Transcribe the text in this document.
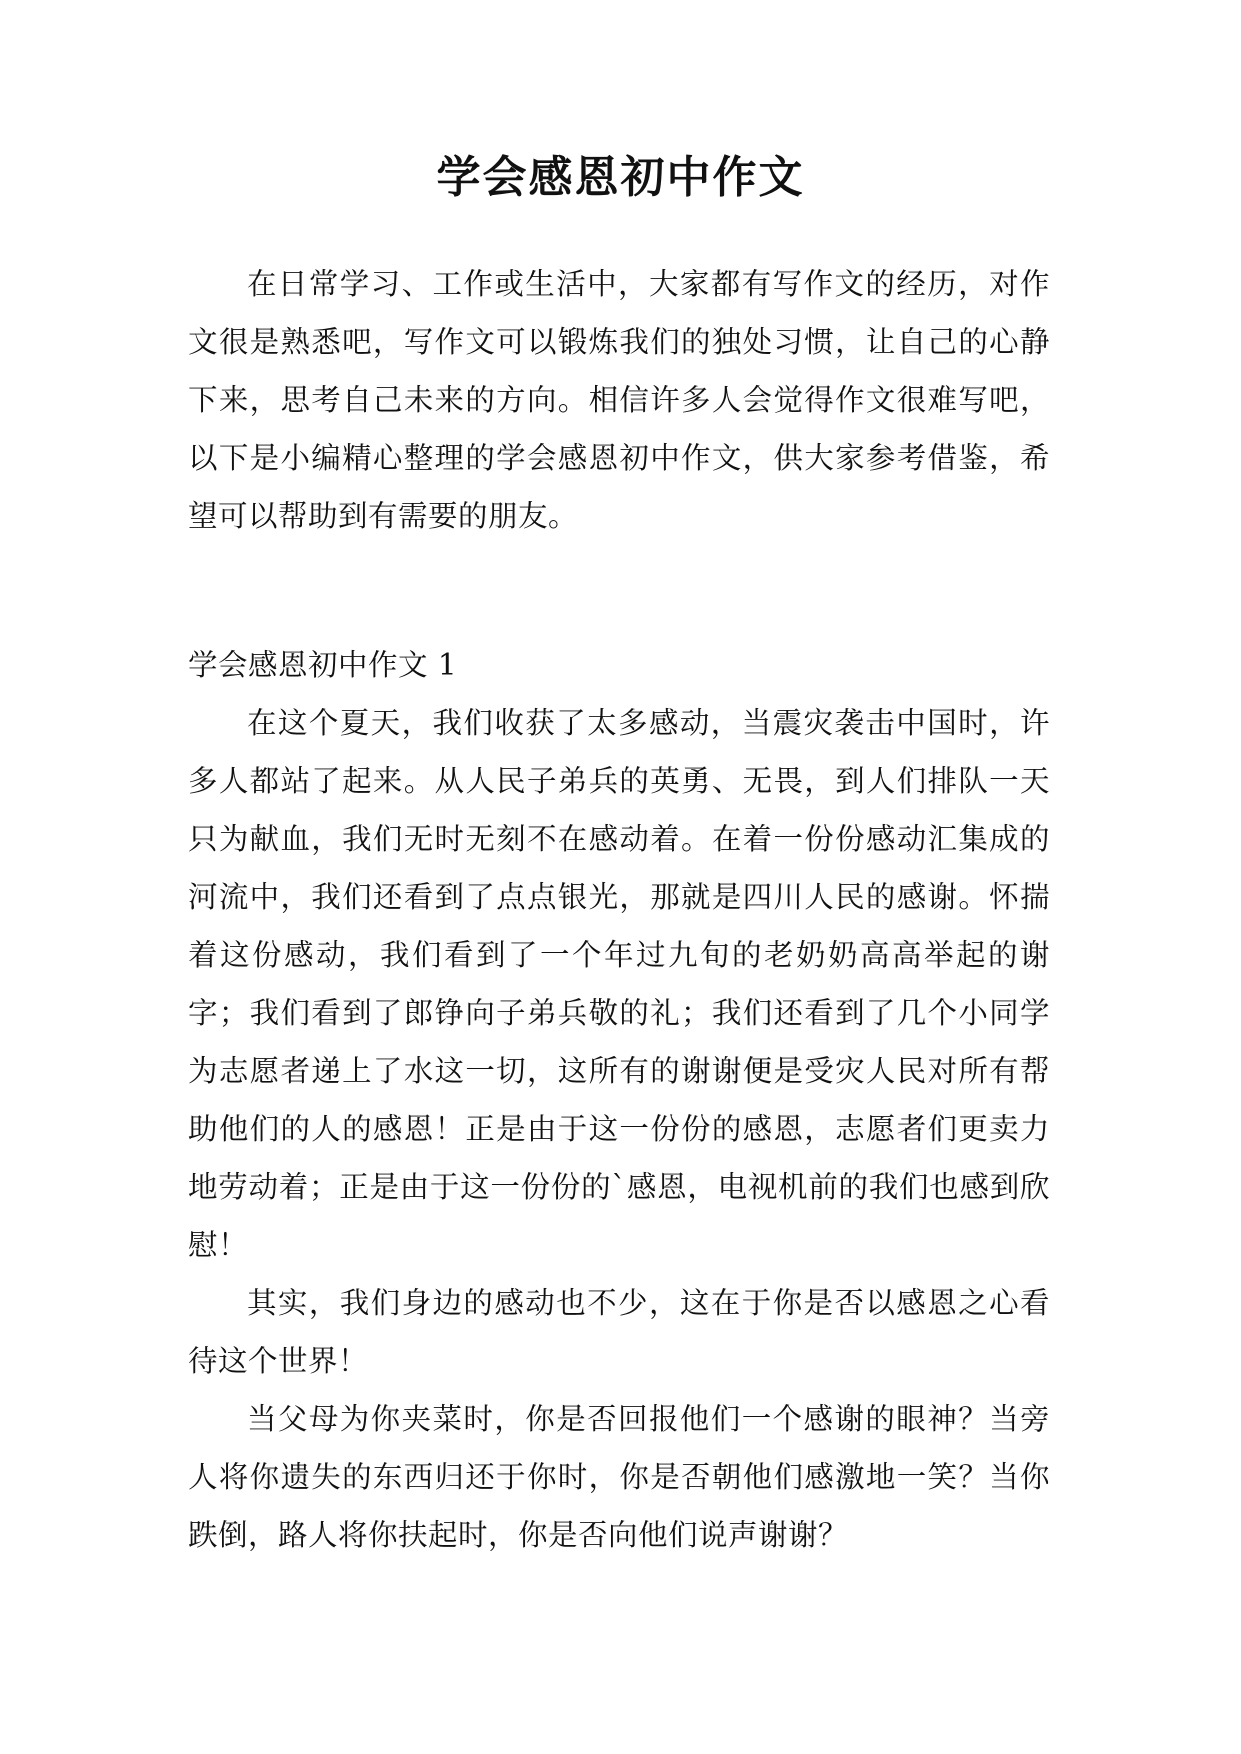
学会感恩初中作文

在日常学习、工作或生活中，大家都有写作文的经历，对作文很是熟悉吧，写作文可以锻炼我们的独处习惯，让自己的心静下来，思考自己未来的方向。相信许多人会觉得作文很难写吧，以下是小编精心整理的学会感恩初中作文，供大家参考借鉴，希望可以帮助到有需要的朋友。

学会感恩初中作文 1

在这个夏天，我们收获了太多感动，当震灾袭击中国时，许多人都站了起来。从人民子弟兵的英勇、无畏，到人们排队一天只为献血，我们无时无刻不在感动着。在着一份份感动汇集成的河流中，我们还看到了点点银光，那就是四川人民的感谢。怀揣着这份感动，我们看到了一个年过九旬的老奶奶高高举起的谢字；我们看到了郎铮向子弟兵敬的礼；我们还看到了几个小同学为志愿者递上了水这一切，这所有的谢谢便是受灾人民对所有帮助他们的人的感恩！正是由于这一份份的感恩，志愿者们更卖力地劳动着；正是由于这一份份的`感恩，电视机前的我们也感到欣慰！

其实，我们身边的感动也不少，这在于你是否以感恩之心看待这个世界！

当父母为你夹菜时，你是否回报他们一个感谢的眼神？当旁人将你遗失的东西归还于你时，你是否朝他们感激地一笑？当你跌倒，路人将你扶起时，你是否向他们说声谢谢？
